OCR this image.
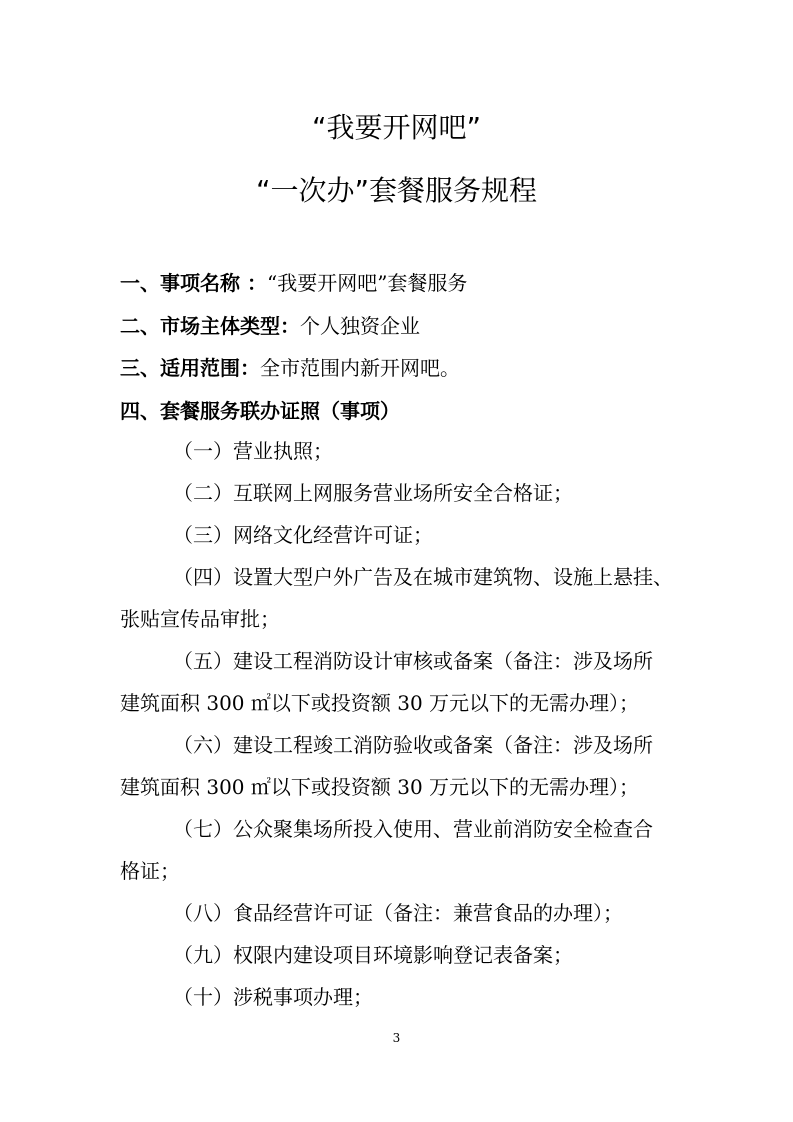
“我要开网吧”
“一次办”套餐服务规程
一、事项名称 ：“我要开网吧”套餐服务
二、市场主体类型：个人独资企业
三、适用范围：全市范围内新开网吧。
四、套餐服务联办证照（事项）
（一）营业执照；
（二）互联网上网服务营业场所安全合格证；
（三）网络文化经营许可证；
（四）设置大型户外广告及在城市建筑物、设施上悬挂、
张贴宣传品审批；
（五）建设工程消防设计审核或备案（备注：涉及场所
建筑面积 300 ㎡以下或投资额 30 万元以下的无需办理）；
（六）建设工程竣工消防验收或备案（备注：涉及场所
建筑面积 300 ㎡以下或投资额 30 万元以下的无需办理）；
（七）公众聚集场所投入使用、营业前消防安全检查合
格证；
（八）食品经营许可证（备注：兼营食品的办理）；
（九）权限内建设项目环境影响登记表备案；
（十）涉税事项办理；
3
